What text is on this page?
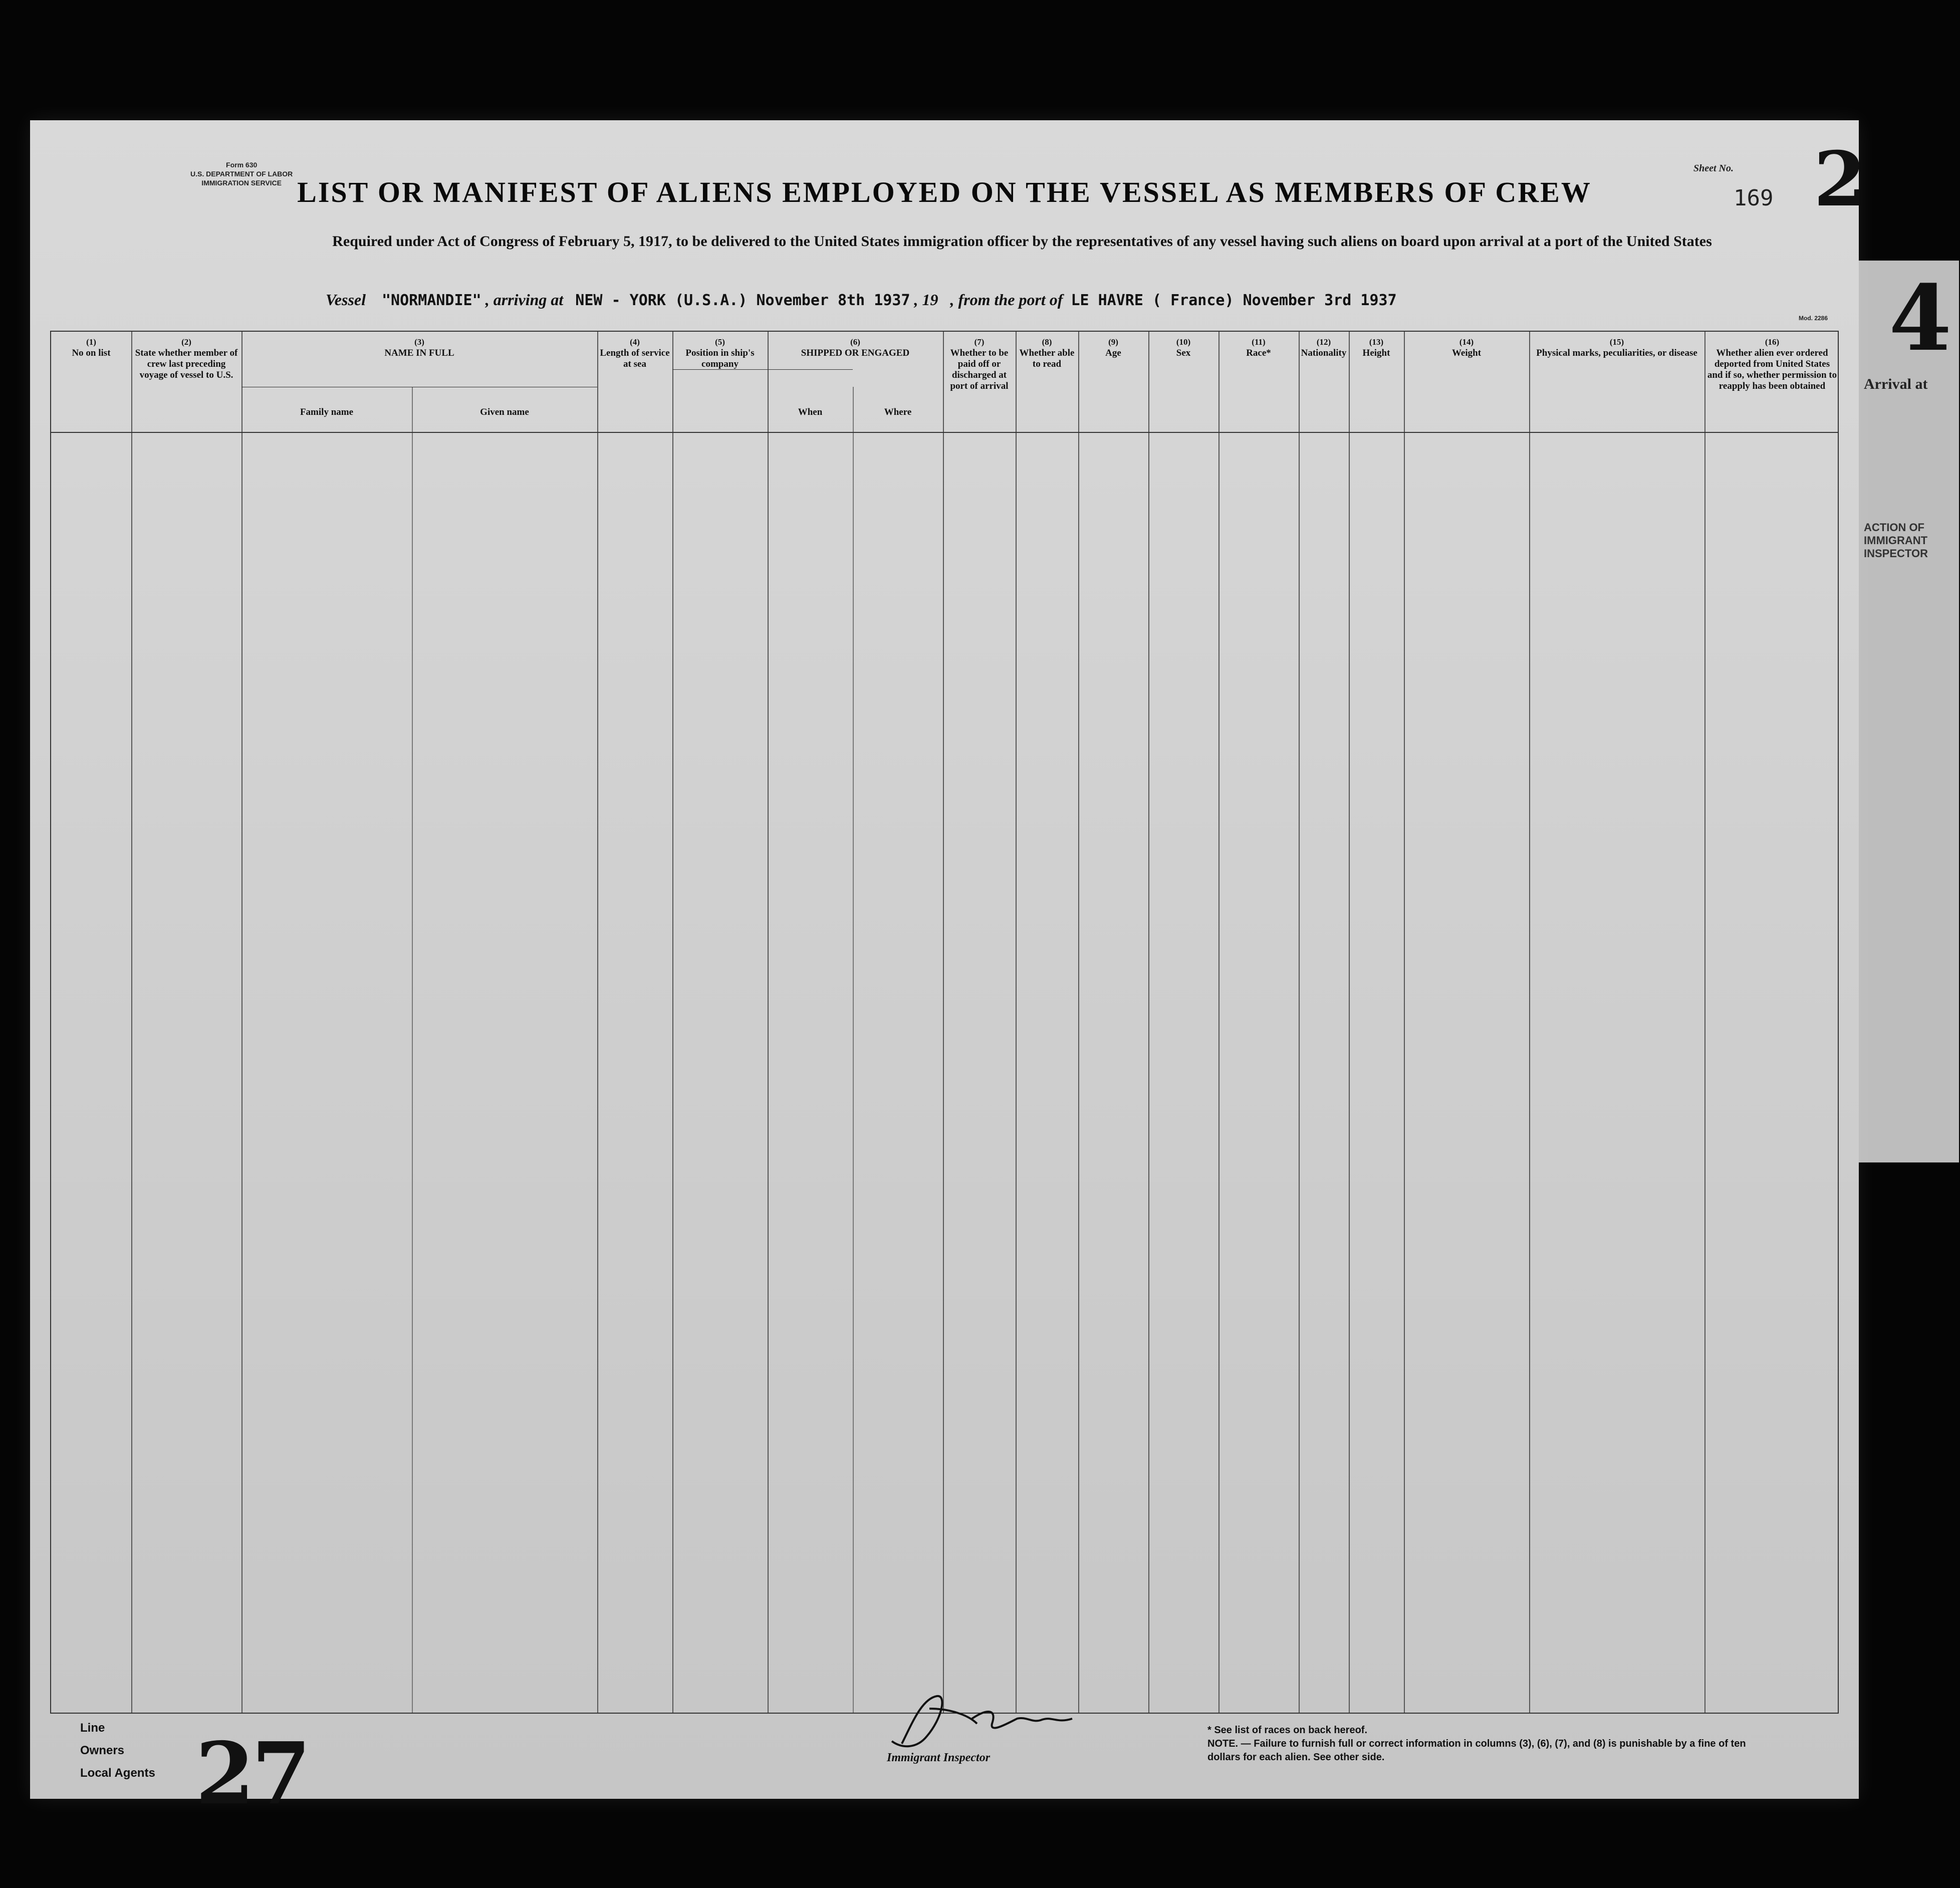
4
Arrival at
ACTION OF IMMIGRANT INSPECTOR
Form 630
U.S. DEPARTMENT OF LABOR
IMMIGRATION SERVICE
Sheet No. 2
169
LIST OR MANIFEST OF ALIENS EMPLOYED ON THE VESSEL AS MEMBERS OF CREW
Required under Act of Congress of February 5, 1917, to be delivered to the United States immigration officer by the representatives of any vessel having such aliens on board upon arrival at a port of the United States
Vessel "NORMANDIE" , arriving at NEW - YORK (U.S.A.) November 8th 1937 , 19 , from the port of LE HAVRE ( France) November 3rd 1937
Mod. 2286
(1)
No on list
(2)
State whether member of crew last preceding voyage of vessel to U.S.
(3)
NAME IN FULL
Family name	Given name
(4)
Length of service at sea
(5)
Position in ship's company
(6)
SHIPPED OR ENGAGED
When	Where
(7)
Whether to be paid off or discharged at port of arrival
(8)
Whether able to read
(9)
Age
(10)
Sex
(11)
Race*
(12)
Nationality
(13)
Height
(14)
Weight
(15)
Physical marks, peculiarities, or disease
(16)
Whether alien ever ordered deported from United States and if so, whether permission to reapply has been obtained
Line
Owners
Local Agents 27	Immigrant Inspector
* See list of races on back hereof.
NOTE. — Failure to furnish full or correct information in columns (3), (6), (7), and (8) is punishable by a fine of ten dollars for each alien. See other side.
